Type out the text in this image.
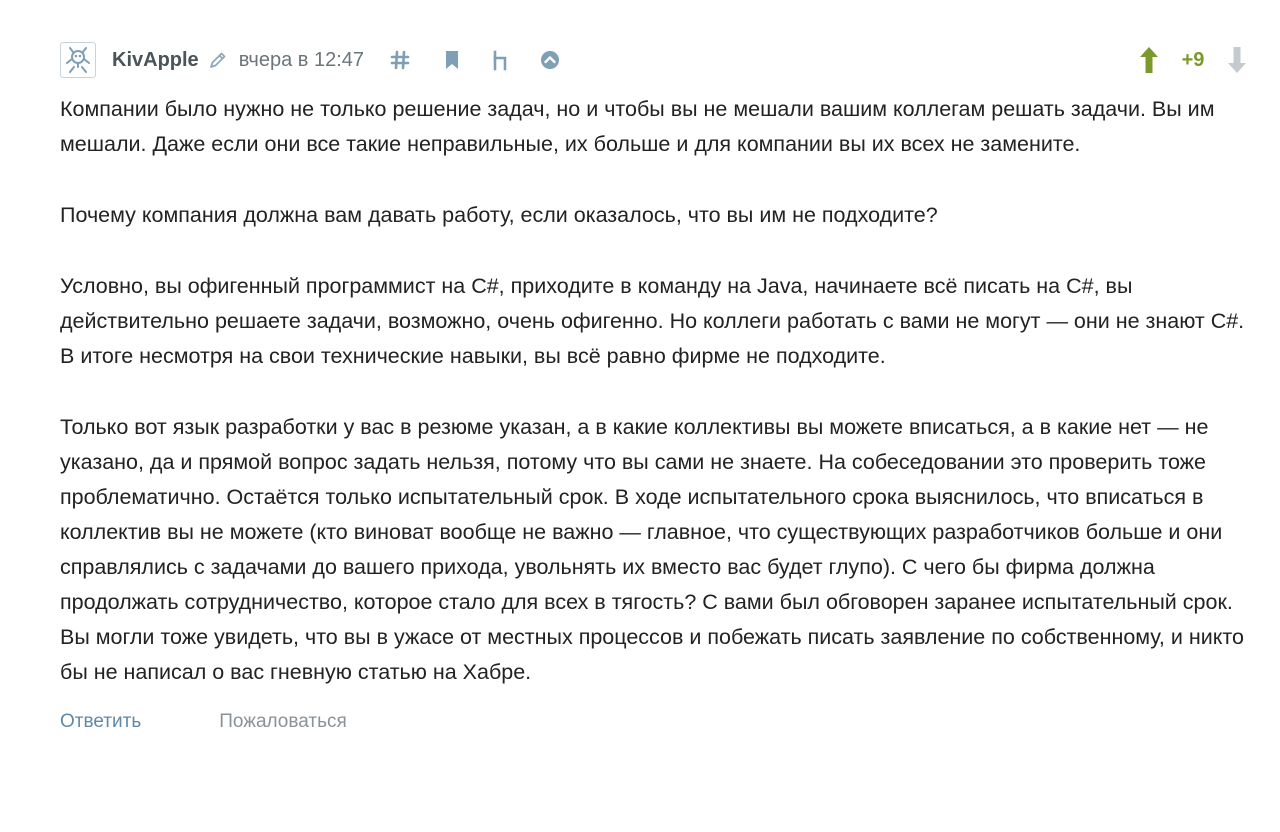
KivApple вчера в 12:47	+9

Компании было нужно не только решение задач, но и чтобы вы не мешали вашим коллегам решать задачи. Вы им мешали. Даже если они все такие неправильные, их больше и для компании вы их всех не замените.

Почему компания должна вам давать работу, если оказалось, что вы им не подходите?

Условно, вы офигенный программист на C#, приходите в команду на Java, начинаете всё писать на C#, вы действительно решаете задачи, возможно, очень офигенно. Но коллеги работать с вами не могут — они не знают C#. В итоге несмотря на свои технические навыки, вы всё равно фирме не подходите.

Только вот язык разработки у вас в резюме указан, а в какие коллективы вы можете вписаться, а в какие нет — не указано, да и прямой вопрос задать нельзя, потому что вы сами не знаете. На собеседовании это проверить тоже проблематично. Остаётся только испытательный срок. В ходе испытательного срока выяснилось, что вписаться в коллектив вы не можете (кто виноват вообще не важно — главное, что существующих разработчиков больше и они справлялись с задачами до вашего прихода, увольнять их вместо вас будет глупо). С чего бы фирма должна продолжать сотрудничество, которое стало для всех в тягость? С вами был обговорен заранее испытательный срок. Вы могли тоже увидеть, что вы в ужасе от местных процессов и побежать писать заявление по собственному, и никто бы не написал о вас гневную статью на Хабре.

Ответить	Пожаловаться
